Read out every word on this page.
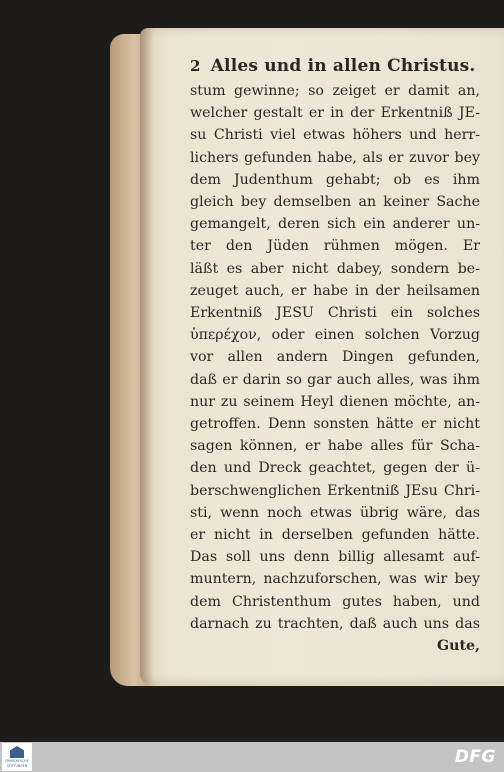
2 Alles und in allen Christus.
stum gewinne; so zeiget er damit an,
welcher gestalt er in der Erkentniß JE-
su Christi viel etwas höhers und herr-
lichers gefunden habe, als er zuvor bey
dem Judenthum gehabt; ob es ihm
gleich bey demselben an keiner Sache
gemangelt, deren sich ein anderer un-
ter den Jüden rühmen mögen. Er
läßt es aber nicht dabey, sondern be-
zeuget auch, er habe in der heilsamen
Erkentniß JESU Christi ein solches
ὑπερέχον, oder einen solchen Vorzug
vor allen andern Dingen gefunden,
daß er darin so gar auch alles, was ihm
nur zu seinem Heyl dienen möchte, an-
getroffen. Denn sonsten hätte er nicht
sagen können, er habe alles für Scha-
den und Dreck geachtet, gegen der ü-
berschwenglichen Erkentniß JEsu Chri-
sti, wenn noch etwas übrig wäre, das
er nicht in derselben gefunden hätte.
Das soll uns denn billig allesamt auf-
muntern, nachzuforschen, was wir bey
dem Christenthum gutes haben, und
darnach zu trachten, daß auch uns das
Gute,
FRANCKESCHE
STIFTUNGEN	DFG
